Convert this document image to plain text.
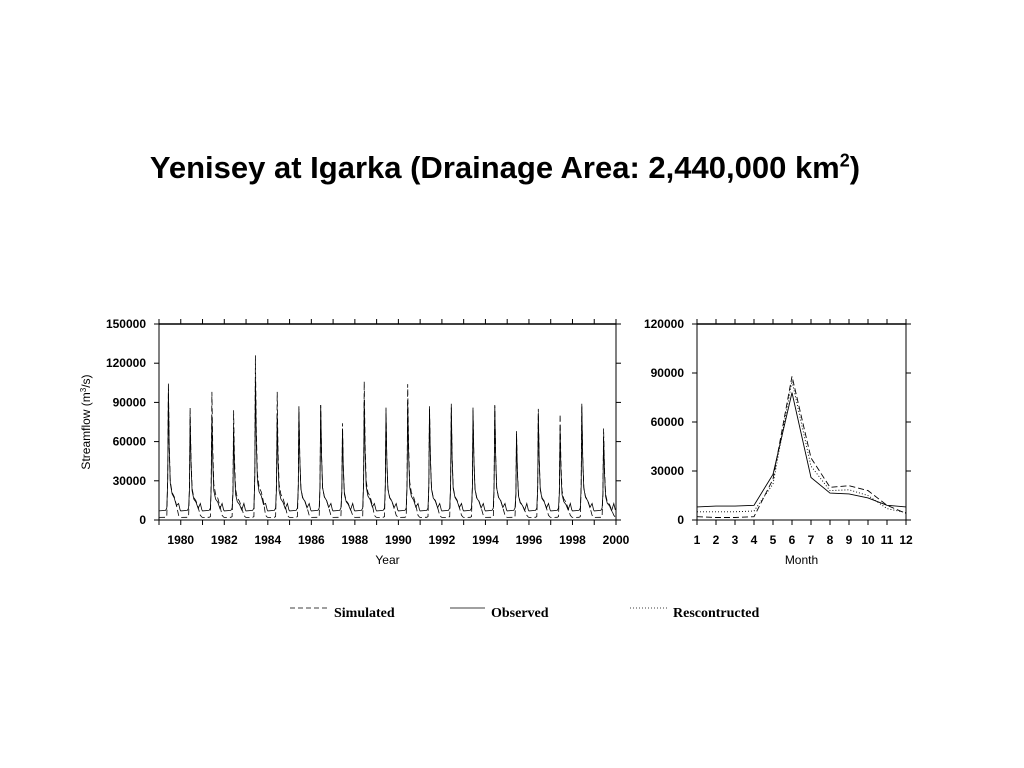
Yenisey at Igarka (Drainage Area: 2,440,000 $km^2$)
0
30000
60000
90000
120000
150000
1980 1982 1984 1986 1988 1990 1992 1994 1996 1998 2000
Year
Streamflow $(m^3/s)$
0
30000
60000
90000
120000
1 2 3 4 5 6 7 8 9 10 11 12
Month
Simulated	Observed	Rescontructed
